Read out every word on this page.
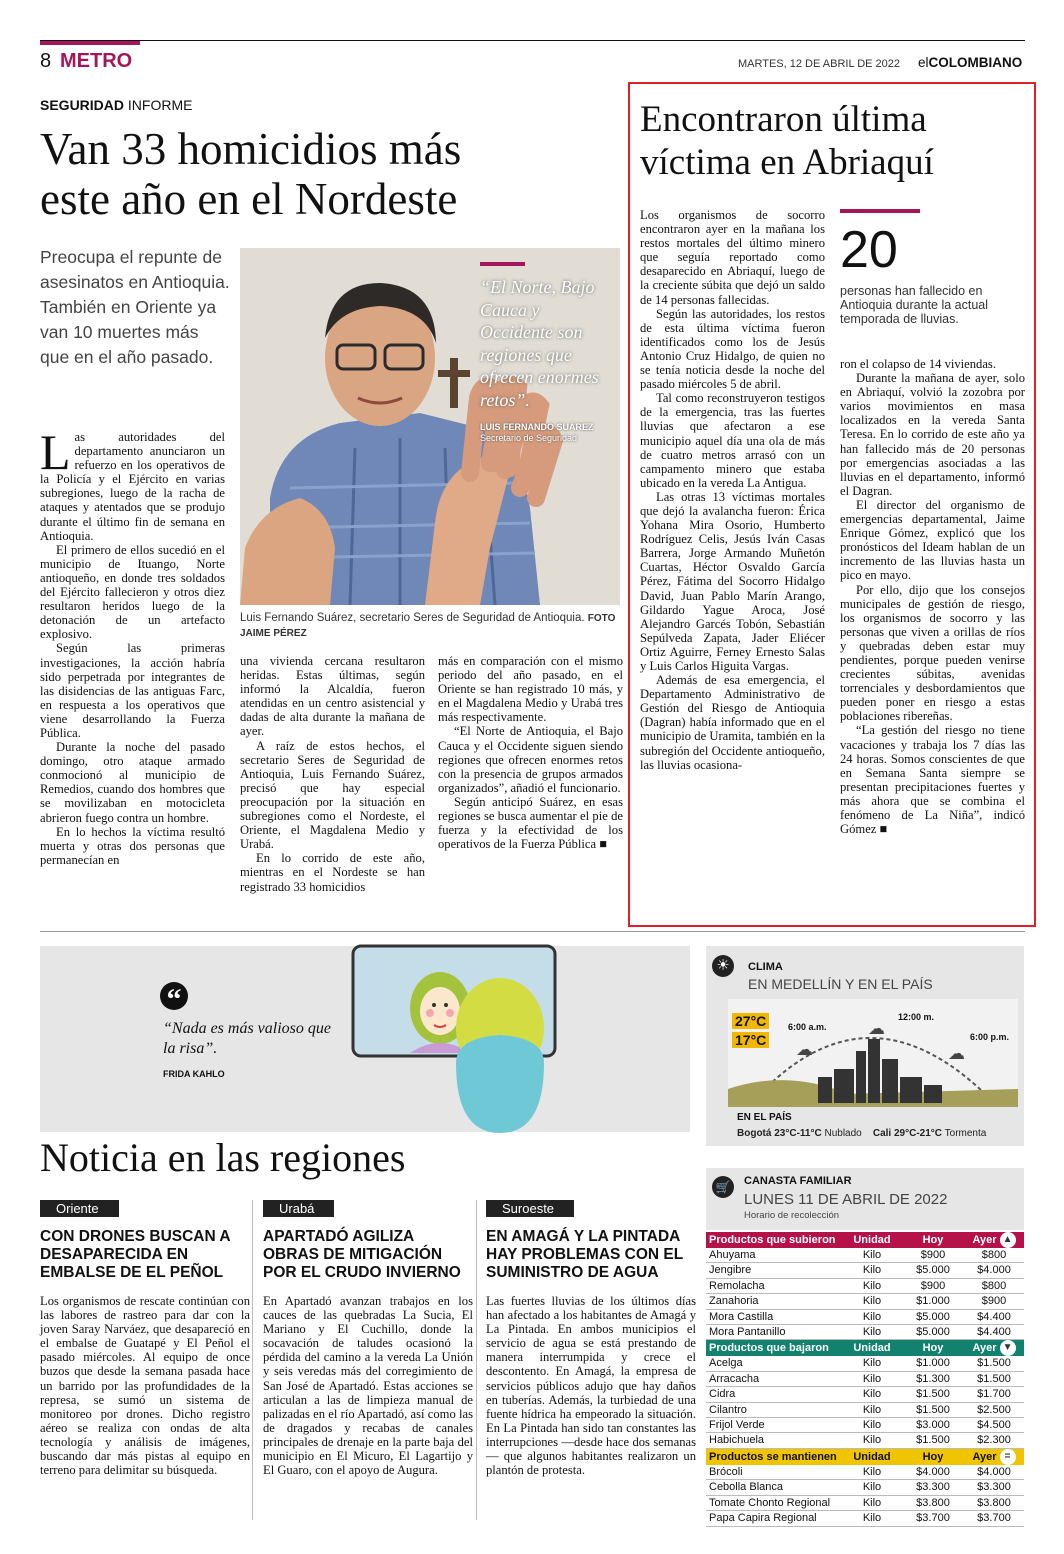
8 METRO	MARTES, 12 DE ABRIL DE 2022 elCOLOMBIANO
SEGURIDAD INFORME
Van 33 homicidios más
este año en el Nordeste
Preocupa el repunte de asesinatos en Antioquia. También en Oriente ya van 10 muertes más que en el año pasado.
“El Norte, Bajo Cauca y Occidente son regiones que ofrecen enormes retos”.
LUIS FERNANDO SUÁREZ
Secretario de Seguridad
Luis Fernando Suárez, secretario Seres de Seguridad de Antioquia. FOTO JAIME PÉREZ

Las autoridades del departamento anunciaron un refuerzo en los operativos de la Policía y el Ejército en varias subregiones, luego de la racha de ataques y atentados que se produjo durante el último fin de semana en Antioquia.

El primero de ellos sucedió en el municipio de Ituango, Norte antioqueño, en donde tres soldados del Ejército fallecieron y otros diez resultaron heridos luego de la detonación de un artefacto explosivo.

Según las primeras investigaciones, la acción habría sido perpetrada por integrantes de las disidencias de las antiguas Farc, en respuesta a los operativos que viene desarrollando la Fuerza Pública.

Durante la noche del pasado domingo, otro ataque armado conmocionó al municipio de Remedios, cuando dos hombres que se movilizaban en motocicleta abrieron fuego contra un hombre.

En lo hechos la víctima resultó muerta y otras dos personas que permanecían en

una vivienda cercana resultaron heridas. Estas últimas, según informó la Alcaldía, fueron atendidas en un centro asistencial y dadas de alta durante la mañana de ayer.

A raíz de estos hechos, el secretario Seres de Seguridad de Antioquia, Luis Fernando Suárez, precisó que hay especial preocupación por la situación en subregiones como el Nordeste, el Oriente, el Magdalena Medio y Urabá.

En lo corrido de este año, mientras en el Nordeste se han registrado 33 homicidios

más en comparación con el mismo periodo del año pasado, en el Oriente se han registrado 10 más, y en el Magdalena Medio y Urabá tres más respectivamente.

“El Norte de Antioquia, el Bajo Cauca y el Occidente siguen siendo regiones que ofrecen enormes retos con la presencia de grupos armados organizados”, añadió el funcionario.

Según anticipó Suárez, en esas regiones se busca aumentar el pie de fuerza y la efectividad de los operativos de la Fuerza Pública ■

Encontraron última
víctima en Abriaquí
20
personas han fallecido en Antioquia durante la actual temporada de lluvias.

Los organismos de socorro encontraron ayer en la mañana los restos mortales del último minero que seguía reportado como desaparecido en Abriaquí, luego de la creciente súbita que dejó un saldo de 14 personas fallecidas.

Según las autoridades, los restos de esta última víctima fueron identificados como los de Jesús Antonio Cruz Hidalgo, de quien no se tenía noticia desde la noche del pasado miércoles 5 de abril.

Tal como reconstruyeron testigos de la emergencia, tras las fuertes lluvias que afectaron a ese municipio aquel día una ola de más de cuatro metros arrasó con un campamento minero que estaba ubicado en la vereda La Antigua.

Las otras 13 víctimas mortales que dejó la avalancha fueron: Érica Yohana Mira Osorio, Humberto Rodríguez Celis, Jesús Iván Casas Barrera, Jorge Armando Muñetón Cuartas, Héctor Osvaldo García Pérez, Fátima del Socorro Hidalgo David, Juan Pablo Marín Arango, Gildardo Yague Aroca, José Alejandro Garcés Tobón, Sebastián Sepúlveda Zapata, Jader Eliécer Ortiz Aguirre, Ferney Ernesto Salas y Luis Carlos Higuita Vargas.

Además de esa emergencia, el Departamento Administrativo de Gestión del Riesgo de Antioquia (Dagran) había informado que en el municipio de Uramita, también en la subregión del Occidente antioqueño, las lluvias ocasiona-

ron el colapso de 14 viviendas.

Durante la mañana de ayer, solo en Abriaquí, volvió la zozobra por varios movimientos en masa localizados en la vereda Santa Teresa. En lo corrido de este año ya han fallecido más de 20 personas por emergencias asociadas a las lluvias en el departamento, informó el Dagran.

El director del organismo de emergencias departamental, Jaime Enrique Gómez, explicó que los pronósticos del Ideam hablan de un incremento de las lluvias hasta un pico en mayo.

Por ello, dijo que los consejos municipales de gestión de riesgo, los organismos de socorro y las personas que viven a orillas de ríos y quebradas deben estar muy pendientes, porque pueden venirse crecientes súbitas, avenidas torrenciales y desbordamientos que pueden poner en riesgo a estas poblaciones ribereñas.

“La gestión del riesgo no tiene vacaciones y trabaja los 7 días las 24 horas. Somos conscientes de que en Semana Santa siempre se presentan precipitaciones fuertes y más ahora que se combina el fenómeno de La Niña”, indicó Gómez ■

“
“Nada es más valioso que la risa”.
FRIDA KAHLO
☀	CLIMA
EN MEDELLÍN Y EN EL PAÍS
27°C
17°C
6:00 a.m.
☁
12:00 m.
☁	6:00 p.m.
☁
EN EL PAÍS
Bogotá 23°C-11°C Nublado Cali 29°C-21°C Tormenta
Noticia en las regiones
Oriente
CON DRONES BUSCAN A DESAPARECIDA EN EMBALSE DE EL PEÑOL
Los organismos de rescate continúan con las labores de rastreo para dar con la joven Saray Narváez, que desapareció en el embalse de Guatapé y El Peñol el pasado miércoles. Al equipo de once buzos que desde la semana pasada hace un barrido por las profundidades de la represa, se sumó un sistema de monitoreo por drones. Dicho registro aéreo se realiza con ondas de alta tecnología y análisis de imágenes, buscando dar más pistas al equipo en terreno para delimitar su búsqueda.
Urabá
APARTADÓ AGILIZA OBRAS DE MITIGACIÓN POR EL CRUDO INVIERNO
En Apartadó avanzan trabajos en los cauces de las quebradas La Sucia, El Mariano y El Cuchillo, donde la socavación de taludes ocasionó la pérdida del camino a la vereda La Unión y seis veredas más del corregimiento de San José de Apartadó. Estas acciones se articulan a las de limpieza manual de palizadas en el río Apartadó, así como las de dragados y recabas de canales principales de drenaje en la parte baja del municipio en El Micuro, El Lagartijo y El Guaro, con el apoyo de Augura.
Suroeste
EN AMAGÁ Y LA PINTADA HAY PROBLEMAS CON EL SUMINISTRO DE AGUA
Las fuertes lluvias de los últimos días han afectado a los habitantes de Amagá y La Pintada. En ambos municipios el servicio de agua se está prestando de manera interrumpida y crece el descontento. En Amagá, la empresa de servicios públicos adujo que hay daños en tuberías. Además, la turbiedad de una fuente hídrica ha empeorado la situación. En La Pintada han sido tan constantes las interrupciones —desde hace dos semanas— que algunos habitantes realizaron un plantón de protesta.
🛒	CANASTA FAMILIAR
LUNES 11 DE ABRIL DE 2022
Horario de recolección
Productos que subieron	Unidad	Hoy	Ayer ▲
Ahuyama	Kilo	$900	$800
Jengibre	Kilo	$5.000	$4.000
Remolacha	Kilo	$900	$800
Zanahoria	Kilo	$1.000	$900
Mora Castilla	Kilo	$5.000	$4.400
Mora Pantanillo	Kilo	$5.000	$4.400
Productos que bajaron	Unidad	Hoy	Ayer ▼
Acelga	Kilo	$1.000	$1.500
Arracacha	Kilo	$1.300	$1.500
Cidra	Kilo	$1.500	$1.700
Cilantro	Kilo	$1.500	$2.500
Frijol Verde	Kilo	$3.000	$4.500
Habichuela	Kilo	$1.500	$2.300
Productos se mantienen	Unidad	Hoy	Ayer =
Brócoli	Kilo	$4.000	$4.000
Cebolla Blanca	Kilo	$3.300	$3.300
Tomate Chonto Regional	Kilo	$3.800	$3.800
Papa Capira Regional	Kilo	$3.700	$3.700
